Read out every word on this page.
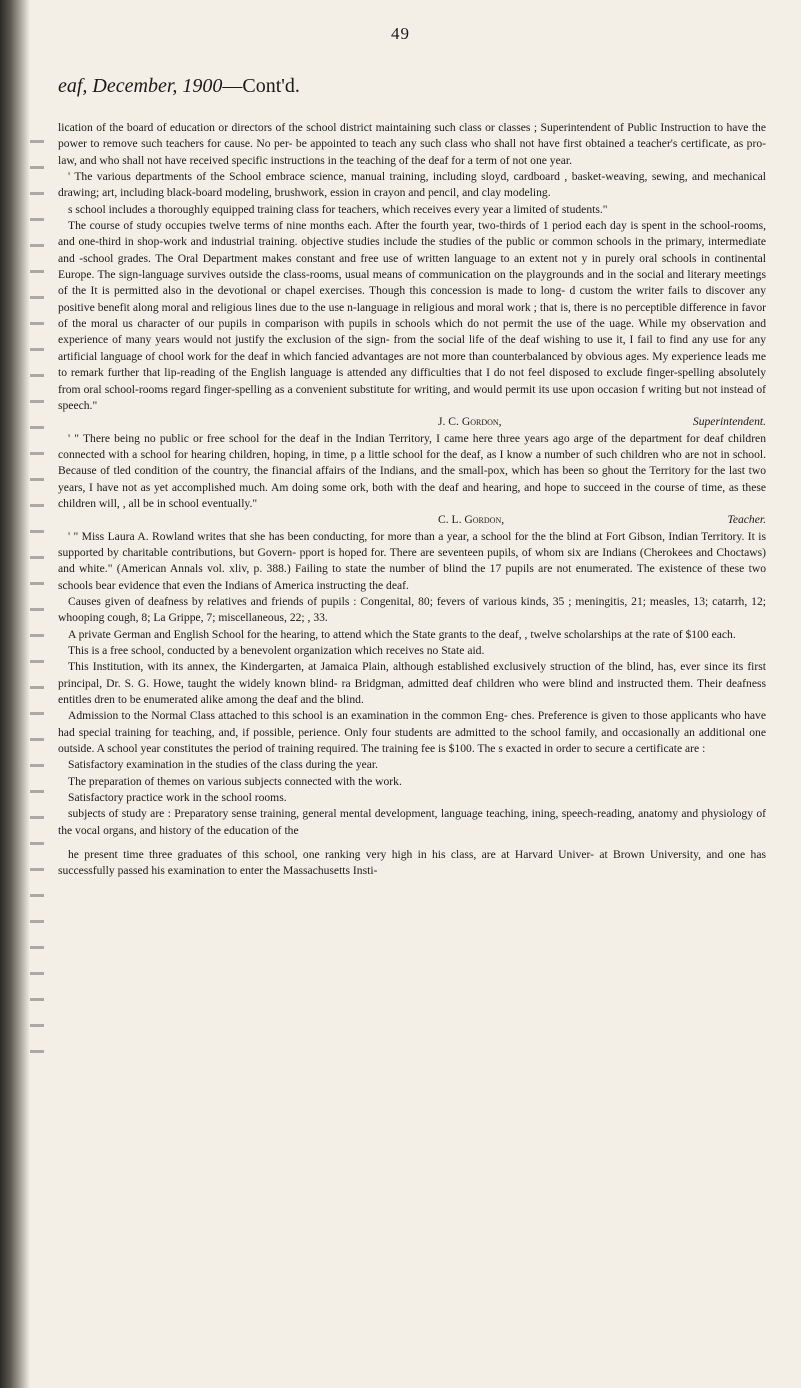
49
eaf, December, 1900—Cont'd.

lication of the board of education or directors of the school district maintaining such class or classes ; Superintendent of Public Instruction to have the power to remove such teachers for cause. No per- be appointed to teach any such class who shall not have first obtained a teacher's certificate, as pro- law, and who shall not have received specific instructions in the teaching of the deaf for a term of not one year.

' The various departments of the School embrace science, manual training, including sloyd, cardboard , basket-weaving, sewing, and mechanical drawing; art, including black-board modeling, brushwork, ession in crayon and pencil, and clay modeling.

s school includes a thoroughly equipped training class for teachers, which receives every year a limited of students."

The course of study occupies twelve terms of nine months each. After the fourth year, two-thirds of 1 period each day is spent in the school-rooms, and one-third in shop-work and industrial training. objective studies include the studies of the public or common schools in the primary, intermediate and -school grades. The Oral Department makes constant and free use of written language to an extent not y in purely oral schools in continental Europe. The sign-language survives outside the class-rooms, usual means of communication on the playgrounds and in the social and literary meetings of the It is permitted also in the devotional or chapel exercises. Though this concession is made to long- d custom the writer fails to discover any positive benefit along moral and religious lines due to the use n-language in religious and moral work ; that is, there is no perceptible difference in favor of the moral us character of our pupils in comparison with pupils in schools which do not permit the use of the uage. While my observation and experience of many years would not justify the exclusion of the sign- from the social life of the deaf wishing to use it, I fail to find any use for any artificial language of chool work for the deaf in which fancied advantages are not more than counterbalanced by obvious ages. My experience leads me to remark further that lip-reading of the English language is attended any difficulties that I do not feel disposed to exclude finger-spelling absolutely from oral school-rooms regard finger-spelling as a convenient substitute for writing, and would permit its use upon occasion f writing but not instead of speech."

J. C. Gordon,	Superintendent.

' " There being no public or free school for the deaf in the Indian Territory, I came here three years ago arge of the department for deaf children connected with a school for hearing children, hoping, in time, p a little school for the deaf, as I know a number of such children who are not in school. Because of tled condition of the country, the financial affairs of the Indians, and the small-pox, which has been so ghout the Territory for the last two years, I have not as yet accomplished much. Am doing some ork, both with the deaf and hearing, and hope to succeed in the course of time, as these children will, , all be in school eventually."

C. L. Gordon,	Teacher.

' " Miss Laura A. Rowland writes that she has been conducting, for more than a year, a school for the the blind at Fort Gibson, Indian Territory. It is supported by charitable contributions, but Govern- pport is hoped for. There are seventeen pupils, of whom six are Indians (Cherokees and Choctaws) and white." (American Annals vol. xliv, p. 388.) Failing to state the number of blind the 17 pupils are not enumerated. The existence of these two schools bear evidence that even the Indians of America instructing the deaf.

Causes given of deafness by relatives and friends of pupils : Congenital, 80; fevers of various kinds, 35 ; meningitis, 21; measles, 13; catarrh, 12; whooping cough, 8; La Grippe, 7; miscellaneous, 22; , 33.

A private German and English School for the hearing, to attend which the State grants to the deaf, , twelve scholarships at the rate of $100 each.

This is a free school, conducted by a benevolent organization which receives no State aid.

This Institution, with its annex, the Kindergarten, at Jamaica Plain, although established exclusively struction of the blind, has, ever since its first principal, Dr. S. G. Howe, taught the widely known blind- ra Bridgman, admitted deaf children who were blind and instructed them. Their deafness entitles dren to be enumerated alike among the deaf and the blind.

Admission to the Normal Class attached to this school is an examination in the common Eng- ches. Preference is given to those applicants who have had special training for teaching, and, if possible, perience. Only four students are admitted to the school family, and occasionally an additional one outside. A school year constitutes the period of training required. The training fee is $100. The s exacted in order to secure a certificate are :

Satisfactory examination in the studies of the class during the year.

The preparation of themes on various subjects connected with the work.

Satisfactory practice work in the school rooms.

subjects of study are : Preparatory sense training, general mental development, language teaching, ining, speech-reading, anatomy and physiology of the vocal organs, and history of the education of the

he present time three graduates of this school, one ranking very high in his class, are at Harvard Univer- at Brown University, and one has successfully passed his examination to enter the Massachusetts Insti-
